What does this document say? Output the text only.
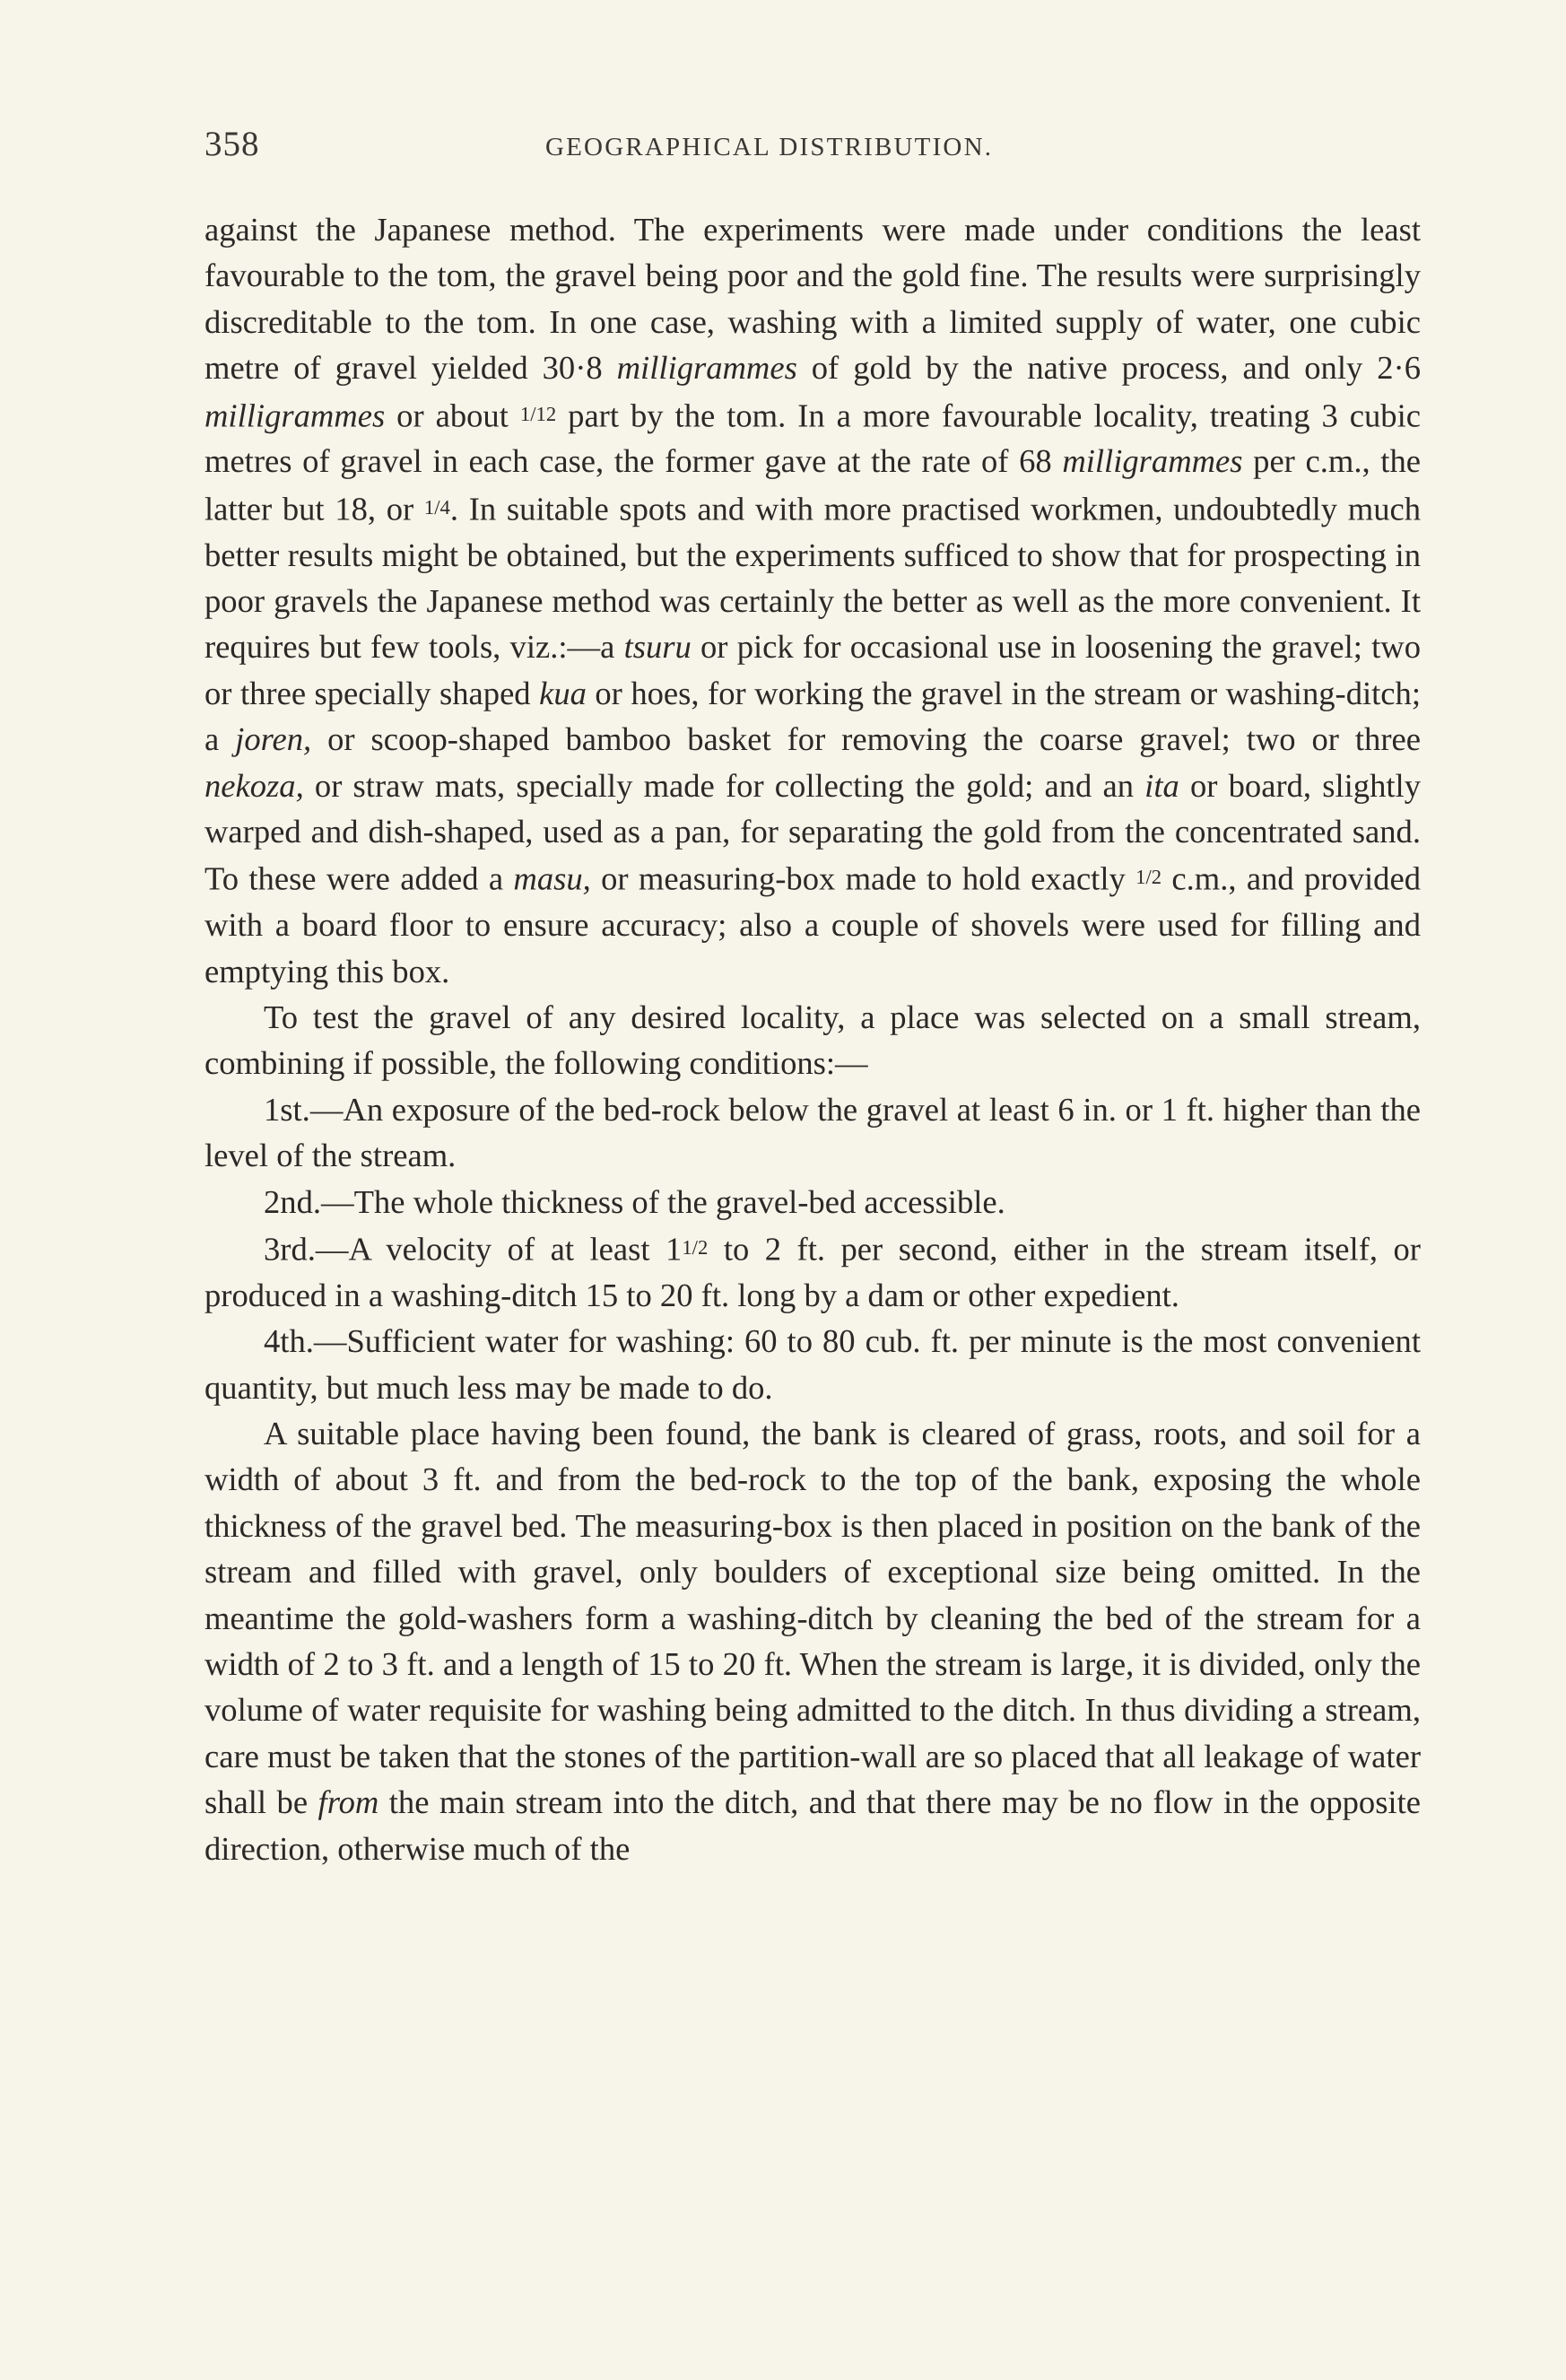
358	GEOGRAPHICAL DISTRIBUTION.

against the Japanese method. The experiments were made under conditions the least favourable to the tom, the gravel being poor and the gold fine. The results were surprisingly discreditable to the tom. In one case, washing with a limited supply of water, one cubic metre of gravel yielded 30·8 milligrammes of gold by the native process, and only 2·6 milligrammes or about 1/12 part by the tom. In a more favourable locality, treating 3 cubic metres of gravel in each case, the former gave at the rate of 68 milligrammes per c.m., the latter but 18, or 1/4. In suitable spots and with more practised workmen, undoubtedly much better results might be obtained, but the experiments sufficed to show that for prospecting in poor gravels the Japanese method was certainly the better as well as the more convenient. It requires but few tools, viz.:—a tsuru or pick for occasional use in loosening the gravel; two or three specially shaped kua or hoes, for working the gravel in the stream or washing-ditch; a joren, or scoop-shaped bamboo basket for removing the coarse gravel; two or three nekoza, or straw mats, specially made for collecting the gold; and an ita or board, slightly warped and dish-shaped, used as a pan, for separating the gold from the concentrated sand. To these were added a masu, or measuring-box made to hold exactly 1/2 c.m., and provided with a board floor to ensure accuracy; also a couple of shovels were used for filling and emptying this box.

To test the gravel of any desired locality, a place was selected on a small stream, combining if possible, the following conditions:—

1st.—An exposure of the bed-rock below the gravel at least 6 in. or 1 ft. higher than the level of the stream.

2nd.—The whole thickness of the gravel-bed accessible.

3rd.—A velocity of at least 11/2 to 2 ft. per second, either in the stream itself, or produced in a washing-ditch 15 to 20 ft. long by a dam or other expedient.

4th.—Sufficient water for washing: 60 to 80 cub. ft. per minute is the most convenient quantity, but much less may be made to do.

A suitable place having been found, the bank is cleared of grass, roots, and soil for a width of about 3 ft. and from the bed-rock to the top of the bank, exposing the whole thickness of the gravel bed. The measuring-box is then placed in position on the bank of the stream and filled with gravel, only boulders of exceptional size being omitted. In the meantime the gold-washers form a washing-ditch by cleaning the bed of the stream for a width of 2 to 3 ft. and a length of 15 to 20 ft. When the stream is large, it is divided, only the volume of water requisite for washing being admitted to the ditch. In thus dividing a stream, care must be taken that the stones of the partition-wall are so placed that all leakage of water shall be from the main stream into the ditch, and that there may be no flow in the opposite direction, otherwise much of the
